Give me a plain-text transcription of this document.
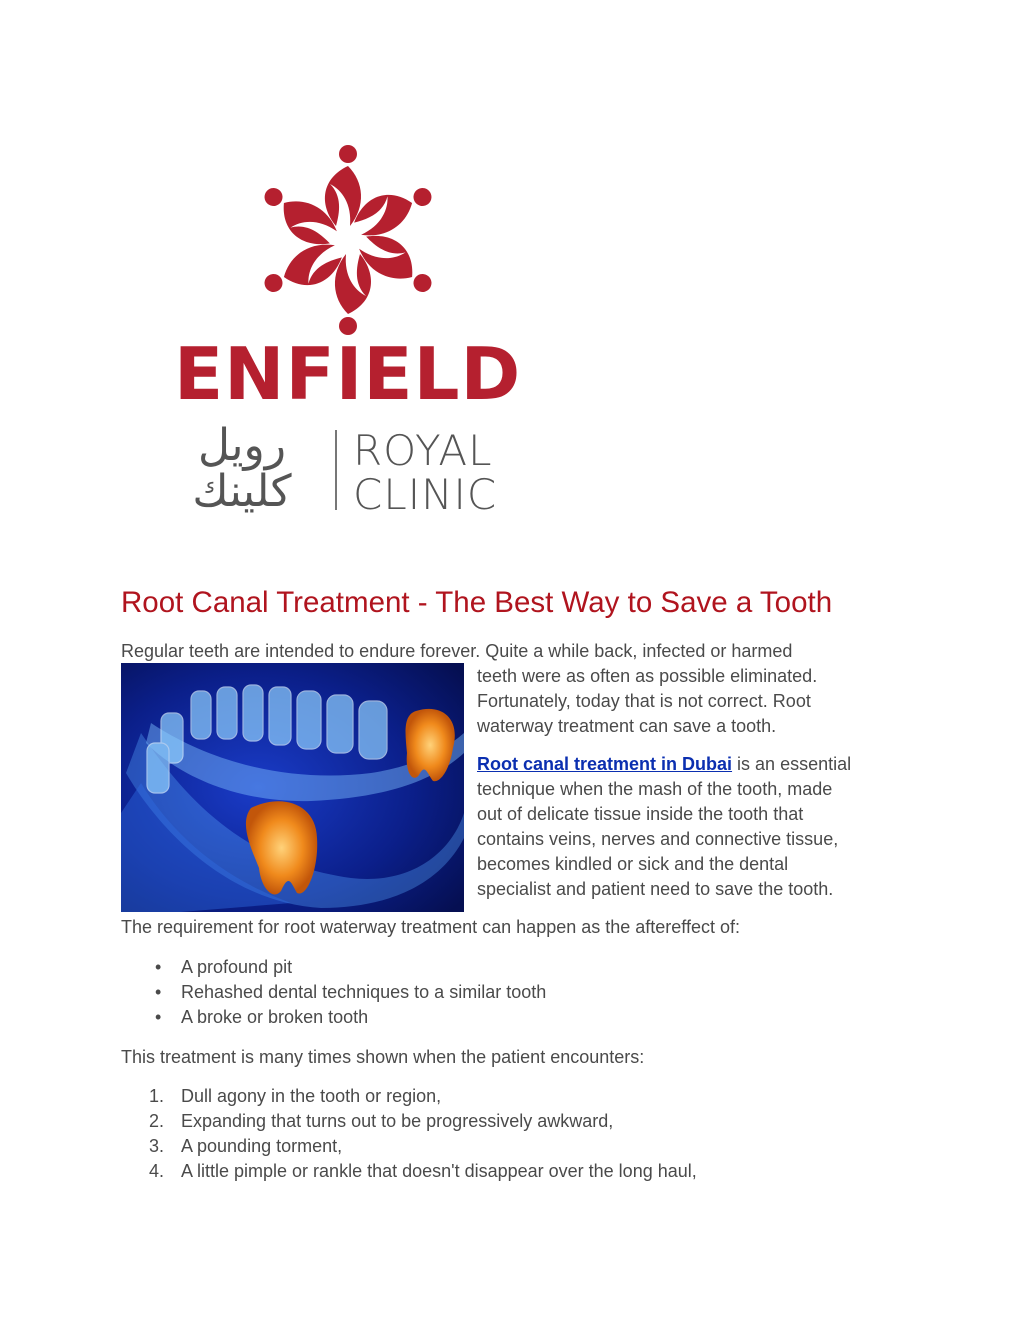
ENFIELD
رويل
كلينك
ROYAL
CLINIC
Root Canal Treatment - The Best Way to Save a Tooth
Regular teeth are intended to endure forever. Quite a while back, infected or harmed
teeth were as often as possible eliminated.
Fortunately, today that is not correct. Root
waterway treatment can save a tooth.
Root canal treatment in Dubai is an essential
technique when the mash of the tooth, made
out of delicate tissue inside the tooth that
contains veins, nerves and connective tissue,
becomes kindled or sick and the dental
specialist and patient need to save the tooth.
The requirement for root waterway treatment can happen as the aftereffect of:
• A profound pit
• Rehashed dental techniques to a similar tooth
• A broke or broken tooth
This treatment is many times shown when the patient encounters:
1. Dull agony in the tooth or region,
2. Expanding that turns out to be progressively awkward,
3. A pounding torment,
4. A little pimple or rankle that doesn't disappear over the long haul,
